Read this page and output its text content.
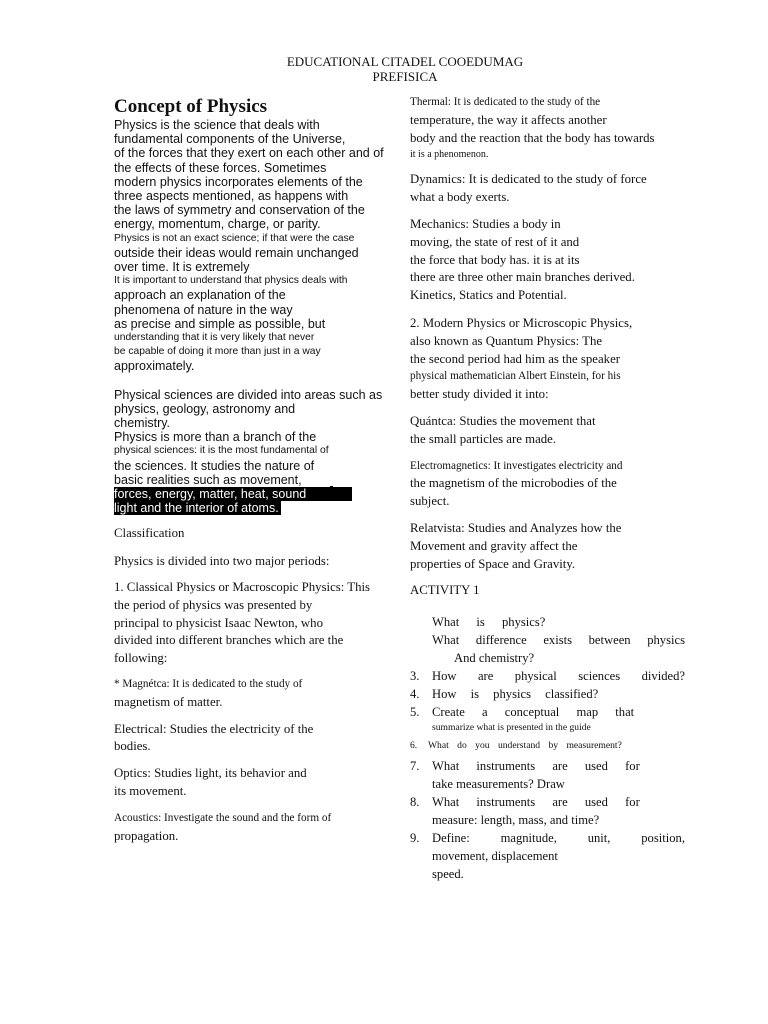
EDUCATIONAL CITADEL COOEDUMAG
PREFISICA
Concept of Physics
Physics is the science that deals with
fundamental components of the Universe,
of the forces that they exert on each other and of
the effects of these forces. Sometimes
modern physics incorporates elements of the
three aspects mentioned, as happens with
the laws of symmetry and conservation of the
energy, momentum, charge, or parity.
Physics is not an exact science; if that were the case
outside their ideas would remain unchanged
over time. It is extremely
It is important to understand that physics deals with
approach an explanation of the
phenomena of nature in the way
as precise and simple as possible, but
understanding that it is very likely that never
be capable of doing it more than just in a way
approximately.
Physical sciences are divided into areas such as
physics, geology, astronomy and
chemistry.
Physics is more than a branch of the
physical sciences: it is the most fundamental of
the sciences. It studies the nature of
basic realities such as movement,
forces, energy, matter, heat, sound
light and the interior of atoms.
Classification
Physics is divided into two major periods:
1. Classical Physics or Macroscopic Physics: This
the period of physics was presented by
principal to physicist Isaac Newton, who
divided into different branches which are the
following:
* Magnétca: It is dedicated to the study of
magnetism of matter.
Electrical: Studies the electricity of the
bodies.
Optics: Studies light, its behavior and
its movement.
Acoustics: Investigate the sound and the form of
propagation.
Thermal: It is dedicated to the study of the
temperature, the way it affects another
body and the reaction that the body has towards
it is a phenomenon.
Dynamics: It is dedicated to the study of force
what a body exerts.
Mechanics: Studies a body in
moving, the state of rest of it and
the force that body has. it is at its
there are three other main branches derived.
Kinetics, Statics and Potential.
2. Modern Physics or Microscopic Physics,
also known as Quantum Physics: The
the second period had him as the speaker
physical mathematician Albert Einstein, for his
better study divided it into:
Quántca: Studies the movement that
the small particles are made.
Electromagnetics: It investigates electricity and
the magnetism of the microbodies of the
subject.
Relatvista: Studies and Analyzes how the
Movement and gravity affect the
properties of Space and Gravity.
ACTIVITY 1
What is physics?
What difference exists between physics
And chemistry?
3. How are physical sciences divided?
4. How is physics classified?
5. Create a conceptual map that
summarize what is presented in the guide
6.	What do you understand by measurement?
7. What instruments are used for
take measurements? Draw
8. What instruments are used for
measure: length, mass, and time?
9. Define: magnitude, unit, position,
movement, displacement
speed.
